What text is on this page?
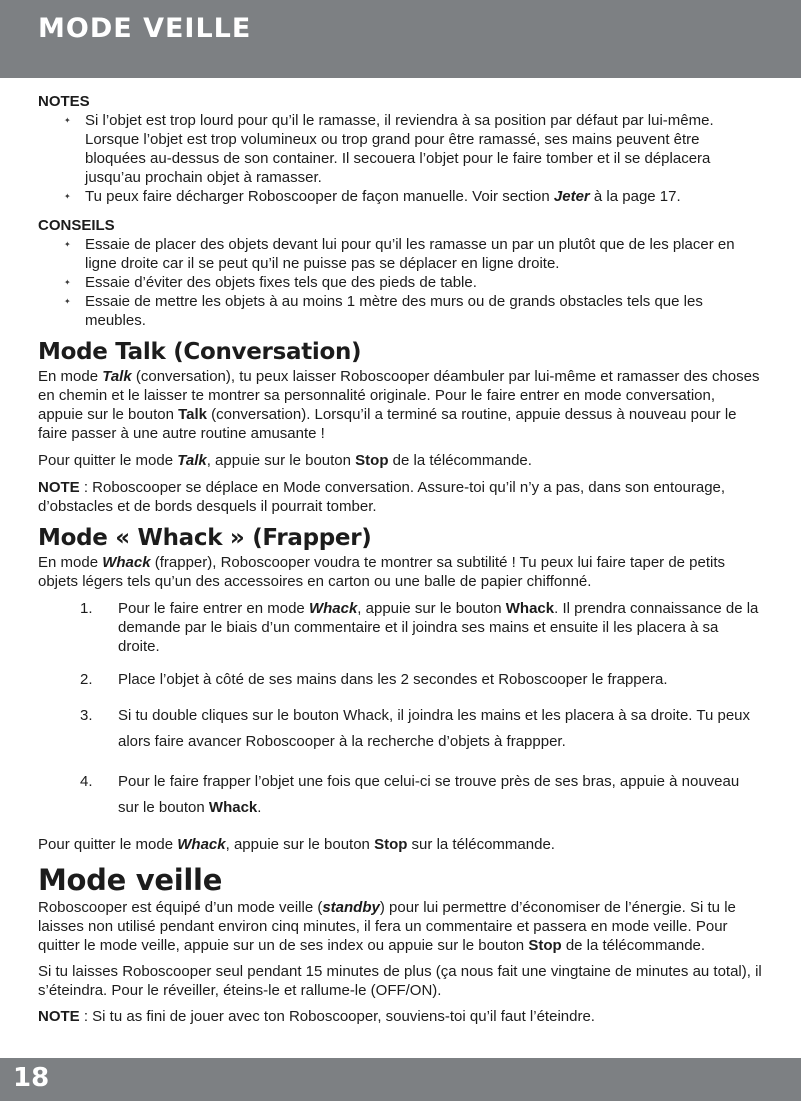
MODE VEILLE
NOTES
✦ Si l’objet est trop lourd pour qu’il le ramasse, il reviendra à sa position par défaut par lui-même. Lorsque l’objet est trop volumineux ou trop grand pour être ramassé, ses mains peuvent être bloquées au-dessus de son container. Il secouera l’objet pour le faire tomber et il se déplacera jusqu’au prochain objet à ramasser.
✦ Tu peux faire décharger Roboscooper de façon manuelle. Voir section Jeter à la page 17.
CONSEILS
✦ Essaie de placer des objets devant lui pour qu’il les ramasse un par un plutôt que de les placer en ligne droite car il se peut qu’il ne puisse pas se déplacer en ligne droite.
✦ Essaie d’éviter des objets fixes tels que des pieds de table.
✦ Essaie de mettre les objets à au moins 1 mètre des murs ou de grands obstacles tels que les meubles.
Mode Talk (Conversation)

En mode Talk (conversation), tu peux laisser Roboscooper déambuler par lui-même et ramasser des choses en chemin et le laisser te montrer sa personnalité originale. Pour le faire entrer en mode conversation, appuie sur le bouton Talk (conversation). Lorsqu’il a terminé sa routine, appuie dessus à nouveau pour le faire passer à une autre routine amusante !

Pour quitter le mode Talk, appuie sur le bouton Stop de la télécommande.

NOTE : Roboscooper se déplace en Mode conversation. Assure-toi qu’il n’y a pas, dans son entourage, d’obstacles et de bords desquels il pourrait tomber.

Mode « Whack » (Frapper)

En mode Whack (frapper), Roboscooper voudra te montrer sa subtilité ! Tu peux lui faire taper de petits objets légers tels qu’un des accessoires en carton ou une balle de papier chiffonné.

1.	Pour le faire entrer en mode Whack, appuie sur le bouton Whack. Il prendra connaissance de la demande par le biais d’un commentaire et il joindra ses mains et ensuite il les placera à sa droite.
2.	Place l’objet à côté de ses mains dans les 2 secondes et Roboscooper le frappera.
3.	Si tu double cliques sur le bouton Whack, il joindra les mains et les placera à sa droite. Tu peux alors faire avancer Roboscooper à la recherche d’objets à frappper.
4.	Pour le faire frapper l’objet une fois que celui-ci se trouve près de ses bras, appuie à nouveau sur le bouton Whack.

Pour quitter le mode Whack, appuie sur le bouton Stop sur la télécommande.

Mode veille

Roboscooper est équipé d’un mode veille (standby) pour lui permettre d’économiser de l’énergie. Si tu le laisses non utilisé pendant environ cinq minutes, il fera un commentaire et passera en mode veille. Pour quitter le mode veille, appuie sur un de ses index ou appuie sur le bouton Stop de la télécommande.

Si tu laisses Roboscooper seul pendant 15 minutes de plus (ça nous fait une vingtaine de minutes au total), il s’éteindra. Pour le réveiller, éteins-le et rallume-le (OFF/ON).

NOTE : Si tu as fini de jouer avec ton Roboscooper, souviens-toi qu’il faut l’éteindre.

18
